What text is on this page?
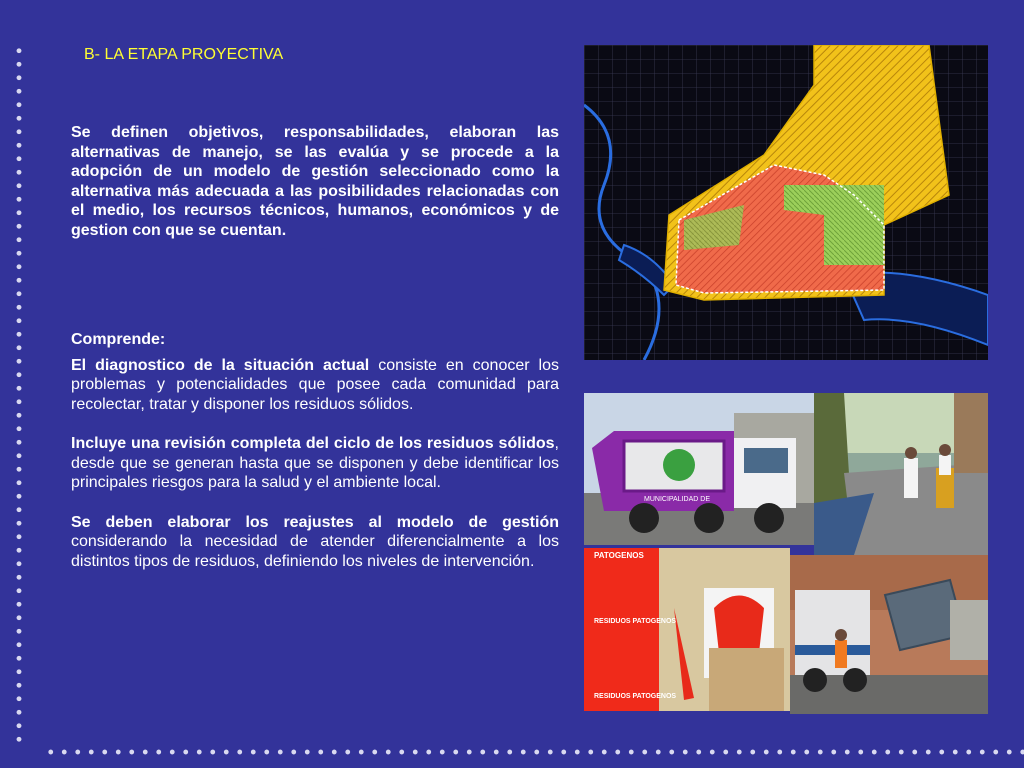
B- LA ETAPA PROYECTIVA

Se definen objetivos, responsabilidades, elaboran las alternativas de manejo, se las evalúa y se procede a la adopción de un modelo de gestión seleccionado como la alternativa más adecuada a las posibilidades relacionadas con el medio, los recursos técnicos, humanos, económicos y de gestion con que se cuentan.

Comprende:

El diagnostico de la situación actual consiste en conocer los problemas y potencialidades que posee cada comunidad para recolectar, tratar y disponer los residuos sólidos.

Incluye una revisión completa del ciclo de los residuos sólidos, desde que se generan hasta que se disponen y debe identificar los principales riesgos para la salud y el ambiente local.

Se deben elaborar los reajustes al modelo de gestión considerando la necesidad de atender diferencialmente a los distintos tipos de residuos, definiendo los niveles de intervención.

MUNICIPALIDAD DE
PATOGENOS
RESIDUOS PATOGENOS
RESIDUOS PATOGENOS
